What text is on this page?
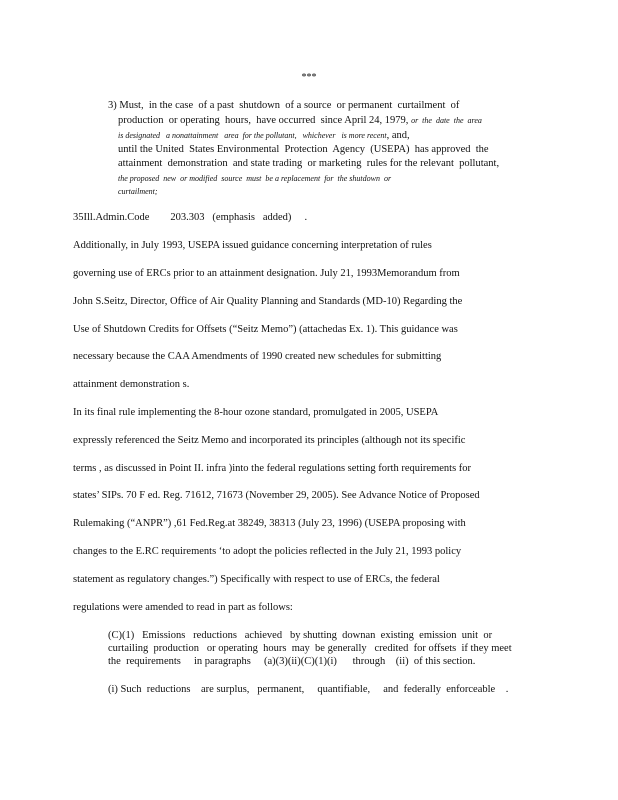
***
3) Must,  in the case  of a past  shutdown  of a source  or permanent  curtailment  of
production  or operating  hours,  have occurred  since April 24, 1979, or  the  date  the  area
is designated   a nonattainment   area  for the pollutant,   whichever   is more recent, and,
until the United  States Environmental  Protection  Agency  (USEPA)  has approved  the
attainment  demonstration  and state trading  or marketing  rules for the relevant  pollutant,
the proposed  new  or modified  source  must  be a replacement  for  the shutdown  or
curtailment;
35Ill.Admin.Code        203.303   (emphasis   added)     .
Additionally, in July 1993, USEPA issued guidance concerning interpretation of rules
governing use of ERCs prior to an attainment designation. July 21, 1993Memorandum from
John S.Seitz, Director, Office of Air Quality Planning and Standards (MD-10) Regarding the
Use of Shutdown Credits for Offsets (“Seitz Memo”) (attachedas Ex. 1). This guidance was
necessary because the CAA Amendments of 1990 created new schedules for submitting
attainment demonstration s.
In its final rule implementing the 8-hour ozone standard, promulgated in 2005, USEPA
expressly referenced the Seitz Memo and incorporated its principles (although not its specific
terms , as discussed in Point II. infra )into the federal regulations setting forth requirements for
states’ SIPs. 70 F ed. Reg. 71612, 71673 (November 29, 2005). See Advance Notice of Proposed
Rulemaking (“ANPR”) ,61 Fed.Reg.at 38249, 38313 (July 23, 1996) (USEPA proposing with
changes to the E.RC requirements ‘to adopt the policies reflected in the July 21, 1993 policy
statement as regulatory changes.”) Specifically with respect to use of ERCs, the federal
regulations were amended to read in part as follows:
(C)(1)   Emissions   reductions   achieved   by shutting  downan  existing  emission  unit  or
curtailing  production   or operating  hours  may  be generally   credited  for offsets  if they meet
the  requirements     in paragraphs     (a)(3)(ii)(C)(1)(i)      through    (ii)  of this section.
(i) Such  reductions    are surplus,   permanent,     quantifiable,     and  federally  enforceable    .
